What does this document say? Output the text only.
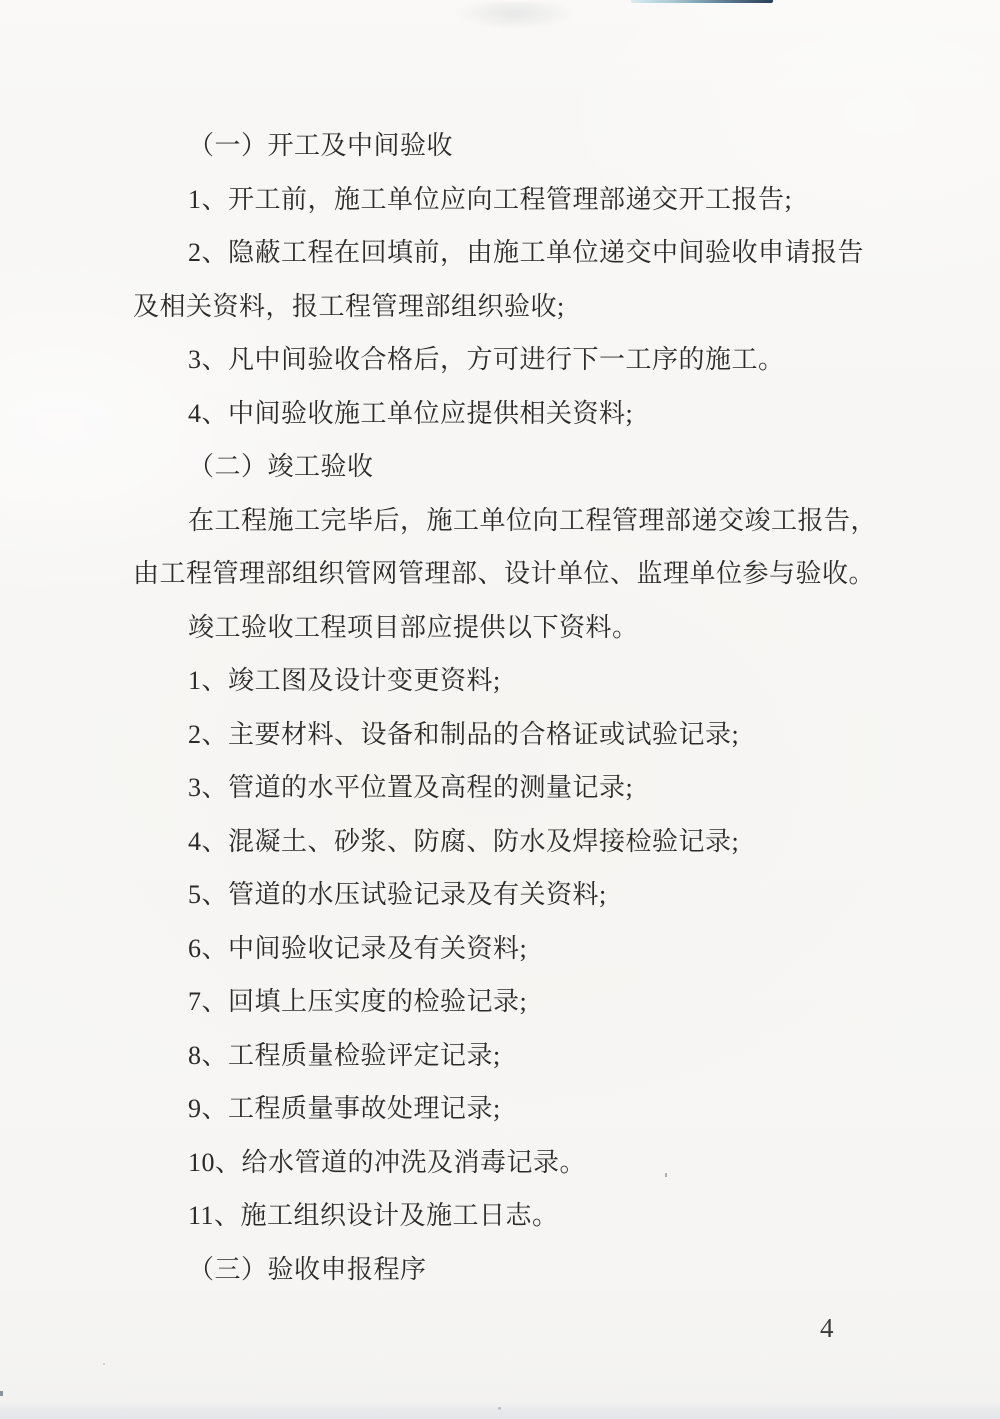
（一）开工及中间验收
1、开工前，施工单位应向工程管理部递交开工报告;
2、隐蔽工程在回填前，由施工单位递交中间验收申请报告
及相关资料，报工程管理部组织验收;
3、凡中间验收合格后，方可进行下一工序的施工。
4、中间验收施工单位应提供相关资料;
（二）竣工验收
在工程施工完毕后，施工单位向工程管理部递交竣工报告，
由工程管理部组织管网管理部、设计单位、监理单位参与验收。
竣工验收工程项目部应提供以下资料。
1、竣工图及设计变更资料;
2、主要材料、设备和制品的合格证或试验记录;
3、管道的水平位置及高程的测量记录;
4、混凝土、砂浆、防腐、防水及焊接检验记录;
5、管道的水压试验记录及有关资料;
6、中间验收记录及有关资料;
7、回填上压实度的检验记录;
8、工程质量检验评定记录;
9、工程质量事故处理记录;
10、给水管道的冲洗及消毒记录。
11、施工组织设计及施工日志。
（三）验收申报程序
4
